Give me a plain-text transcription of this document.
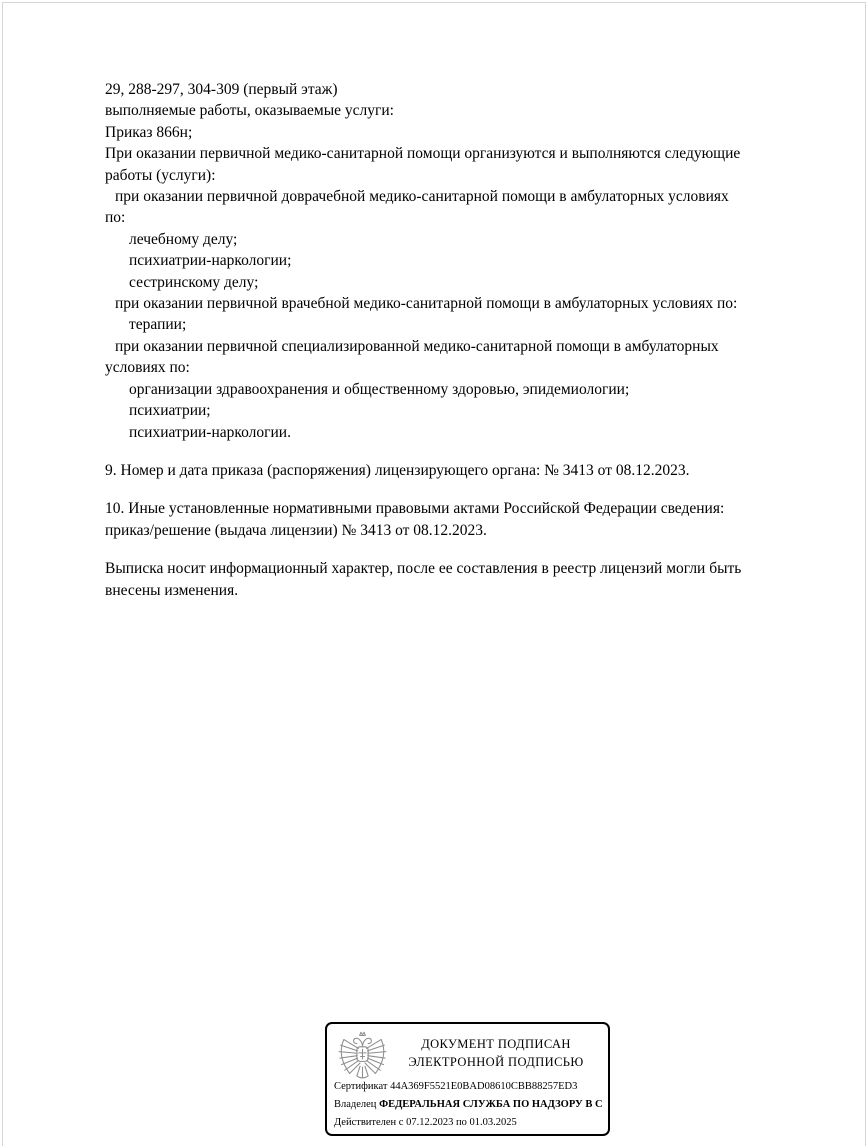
29, 288-297, 304-309 (первый этаж)
выполняемые работы, оказываемые услуги:
Приказ 866н;
При оказании первичной медико-санитарной помощи организуются и выполняются следующие
работы (услуги):
при оказании первичной доврачебной медико-санитарной помощи в амбулаторных условиях
по:
лечебному делу;
психиатрии-наркологии;
сестринскому делу;
при оказании первичной врачебной медико-санитарной помощи в амбулаторных условиях по:
терапии;
при оказании первичной специализированной медико-санитарной помощи в амбулаторных
условиях по:
организации здравоохранения и общественному здоровью, эпидемиологии;
психиатрии;
психиатрии-наркологии.
9. Номер и дата приказа (распоряжения) лицензирующего органа: № 3413 от 08.12.2023.
10. Иные установленные нормативными правовыми актами Российской Федерации сведения:
приказ/решение (выдача лицензии) № 3413 от 08.12.2023.
Выписка носит информационный характер, после ее составления в реестр лицензий могли быть
внесены изменения.
ДОКУМЕНТ ПОДПИСАН
ЭЛЕКТРОННОЙ ПОДПИСЬЮ
Сертификат 44A369F5521E0BAD08610CBB88257ED3
Владелец ФЕДЕРАЛЬНАЯ СЛУЖБА ПО НАДЗОРУ В С
Действителен с 07.12.2023 по 01.03.2025
